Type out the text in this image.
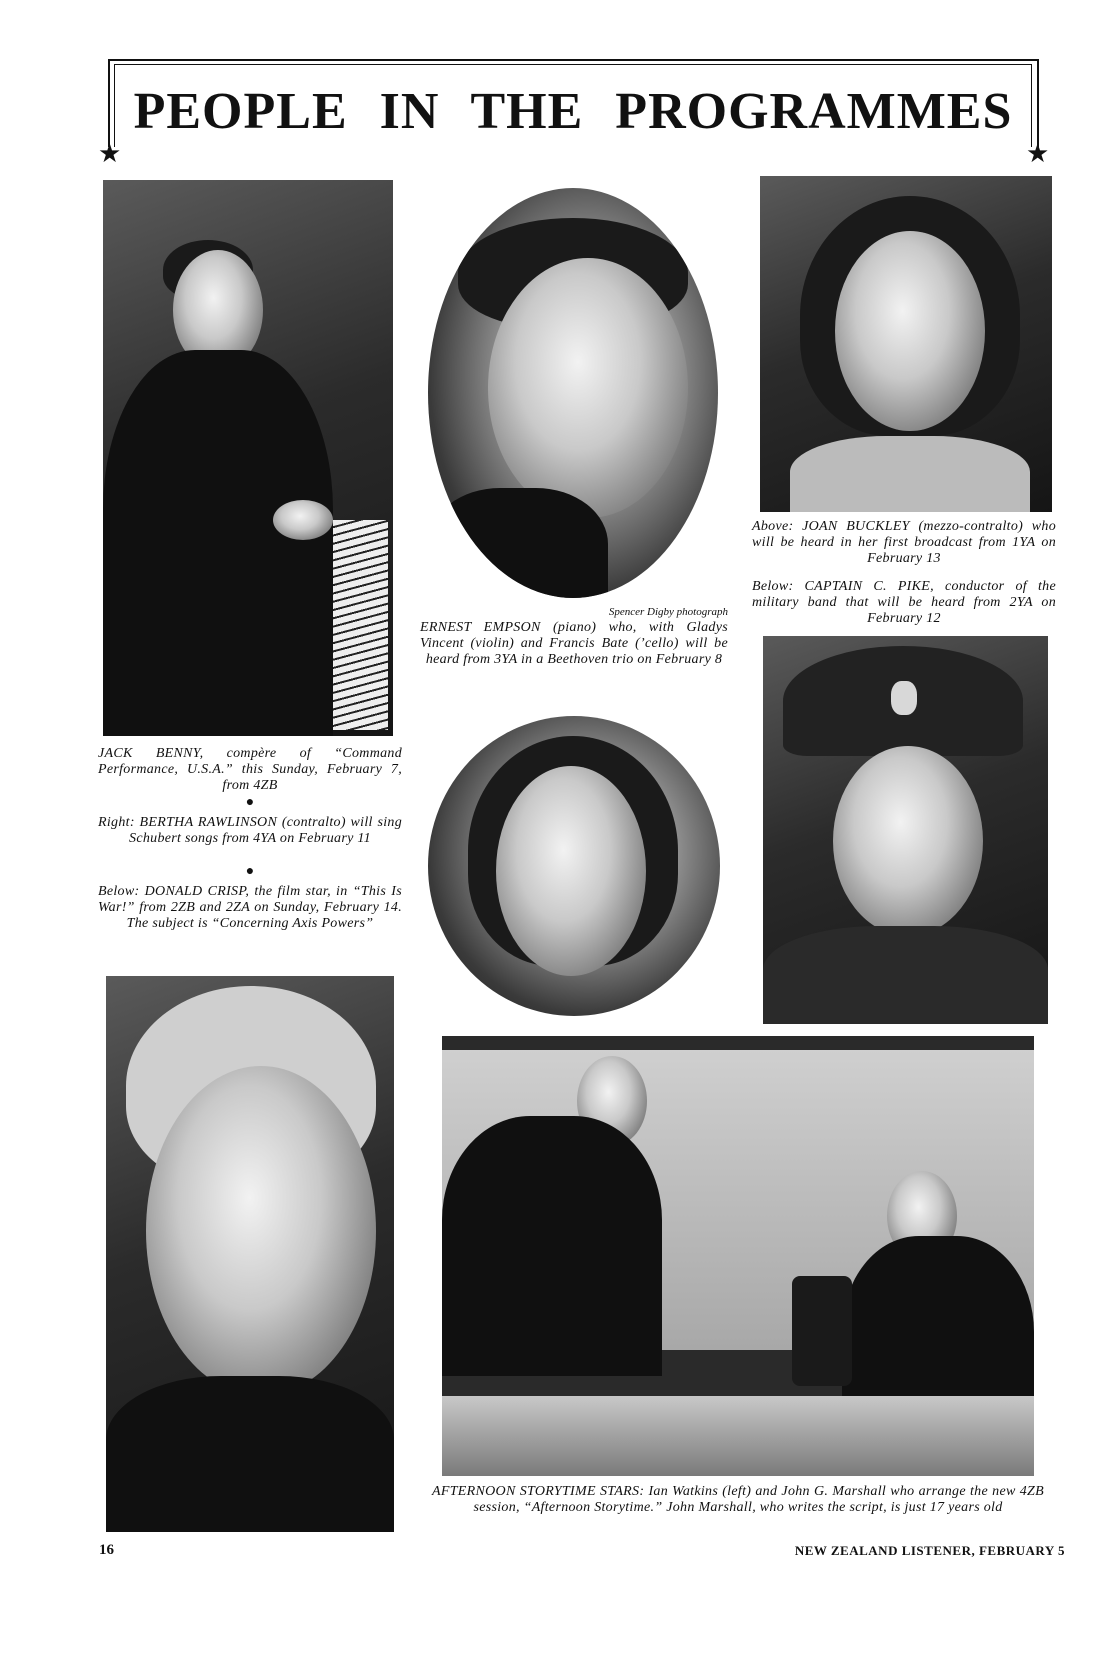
★	★
PEOPLE IN THE PROGRAMMES
JACK BENNY, compère of “Command Performance, U.S.A.” this Sunday, February 7, from 4ZB
●
Right: BERTHA RAWLINSON (contralto) will sing Schubert songs from 4YA on February 11
●
Below: DONALD CRISP, the film star, in “This Is War!” from 2ZB and 2ZA on Sunday, February 14. The subject is “Concerning Axis Powers”
Spencer Digby photograph
ERNEST EMPSON (piano) who, with Gladys Vincent (violin) and Francis Bate (’cello) will be heard from 3YA in a Beethoven trio on February 8
Above: JOAN BUCKLEY (mezzo-contralto) who will be heard in her first broadcast from 1YA on February 13
Below: CAPTAIN C. PIKE, conductor of the military band that will be heard from 2YA on February 12
AFTERNOON STORYTIME STARS: Ian Watkins (left) and John G. Marshall who arrange the new 4ZB session, “Afternoon Storytime.” John Marshall, who writes the script, is just 17 years old
16	NEW ZEALAND LISTENER, FEBRUARY 5
